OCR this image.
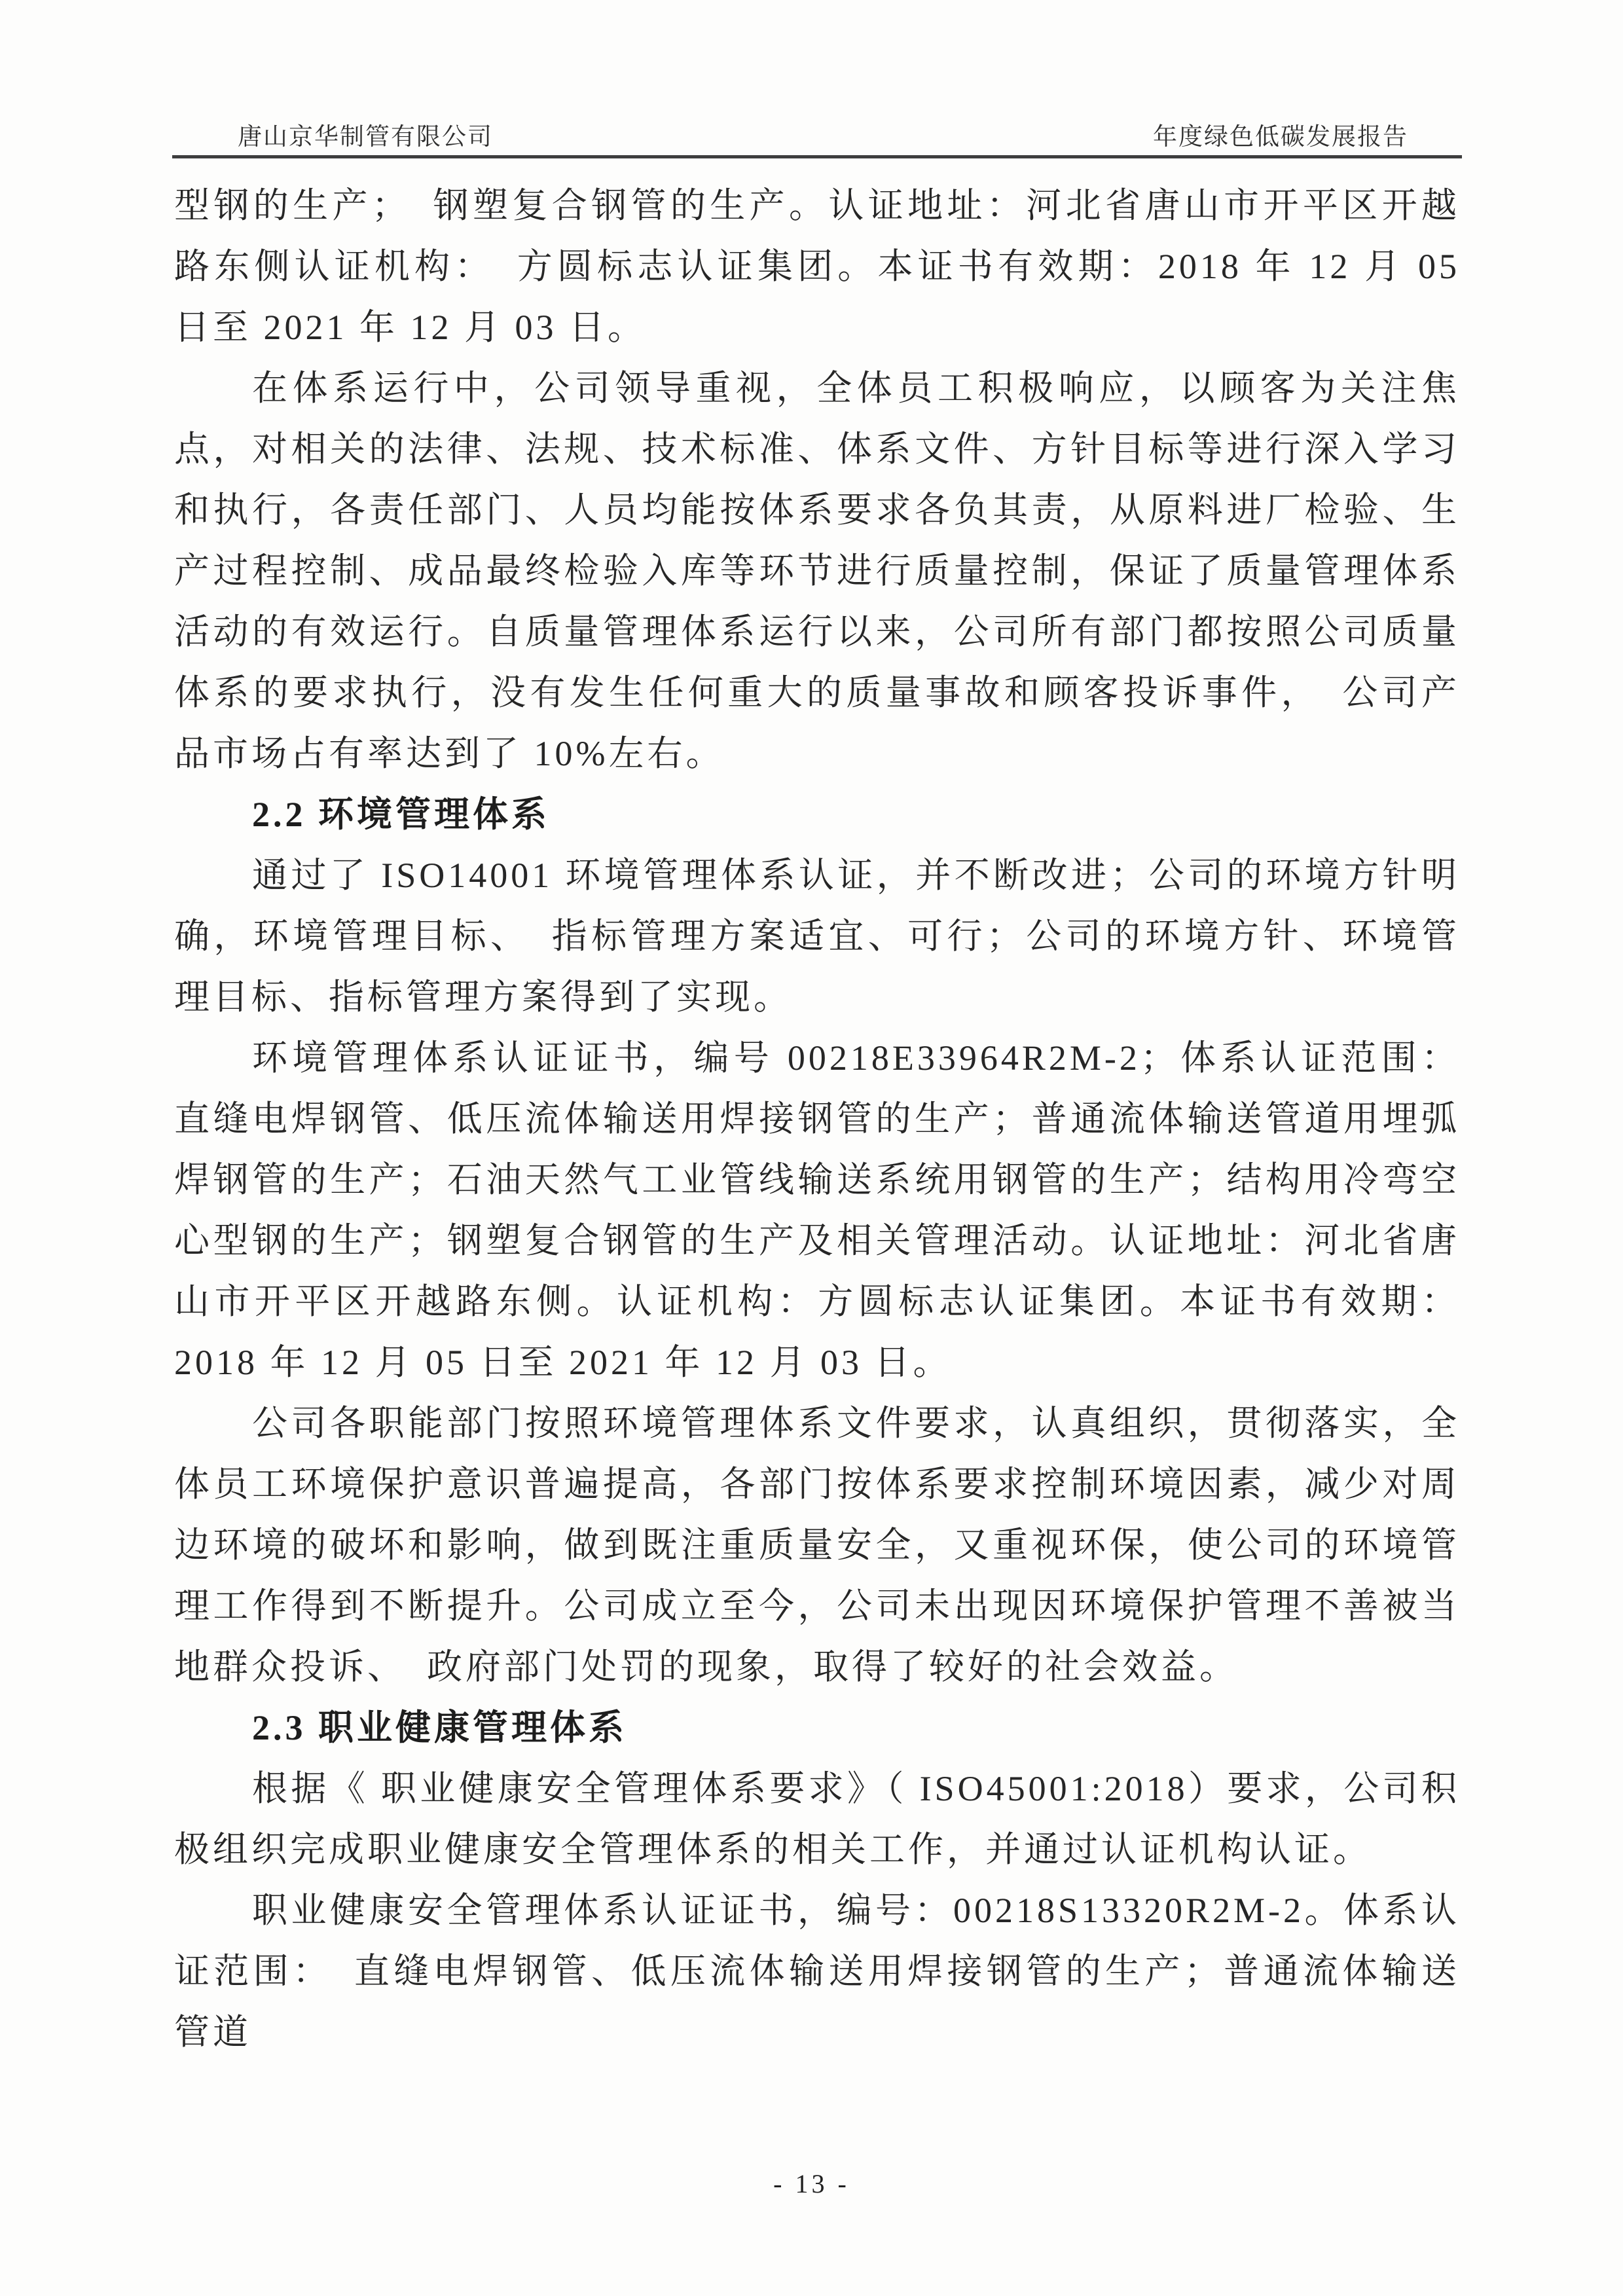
唐山京华制管有限公司	年度绿色低碳发展报告

型钢的生产；　钢塑复合钢管的生产。认证地址：河北省唐山市开平区开越路东侧认证机构：　方圆标志认证集团。本证书有效期：2018 年 12 月 05 日至 2021 年 12 月 03 日。

在体系运行中，公司领导重视，全体员工积极响应，以顾客为关注焦点，对相关的法律、法规、技术标准、体系文件、方针目标等进行深入学习和执行，各责任部门、人员均能按体系要求各负其责，从原料进厂检验、生产过程控制、成品最终检验入库等环节进行质量控制，保证了质量管理体系活动的有效运行。自质量管理体系运行以来，公司所有部门都按照公司质量体系的要求执行，没有发生任何重大的质量事故和顾客投诉事件，　公司产品市场占有率达到了 10%左右。

2.2 环境管理体系

通过了 ISO14001 环境管理体系认证，并不断改进；公司的环境方针明确，环境管理目标、　指标管理方案适宜、可行；公司的环境方针、环境管理目标、指标管理方案得到了实现。

环境管理体系认证证书，编号 00218E33964R2M-2；体系认证范围：直缝电焊钢管、低压流体输送用焊接钢管的生产；普通流体输送管道用埋弧焊钢管的生产；石油天然气工业管线输送系统用钢管的生产；结构用冷弯空心型钢的生产；钢塑复合钢管的生产及相关管理活动。认证地址：河北省唐山市开平区开越路东侧。认证机构：方圆标志认证集团。本证书有效期：2018 年 12 月 05 日至 2021 年 12 月 03 日。

公司各职能部门按照环境管理体系文件要求，认真组织，贯彻落实，全体员工环境保护意识普遍提高，各部门按体系要求控制环境因素，减少对周边环境的破坏和影响，做到既注重质量安全，又重视环保，使公司的环境管理工作得到不断提升。公司成立至今，公司未出现因环境保护管理不善被当地群众投诉、　政府部门处罚的现象，取得了较好的社会效益。

2.3 职业健康管理体系

根据《 职业健康安全管理体系要求》（ ISO45001:2018）要求，公司积极组织完成职业健康安全管理体系的相关工作，并通过认证机构认证。

职业健康安全管理体系认证证书，编号：00218S13320R2M-2。体系认证范围：　直缝电焊钢管、低压流体输送用焊接钢管的生产；普通流体输送管道

- 13 -
